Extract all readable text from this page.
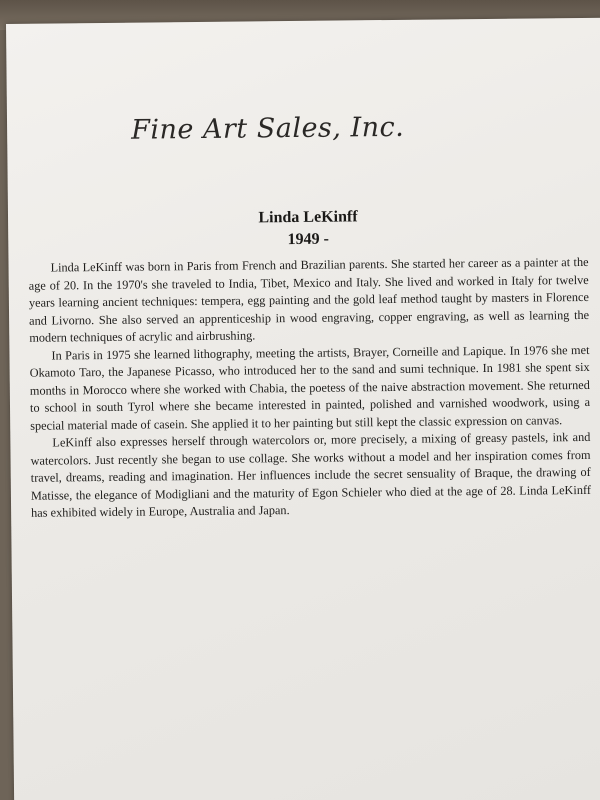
Fine Art Sales, Inc.
Linda LeKinff
1949 -

Linda LeKinff was born in Paris from French and Brazilian parents. She started her career as a painter at the age of 20. In the 1970's she traveled to India, Tibet, Mexico and Italy. She lived and worked in Italy for twelve years learning ancient techniques: tempera, egg painting and the gold leaf method taught by masters in Florence and Livorno. She also served an apprenticeship in wood engraving, copper engraving, as well as learning the modern techniques of acrylic and airbrushing.

In Paris in 1975 she learned lithography, meeting the artists, Brayer, Corneille and Lapique. In 1976 she met Okamoto Taro, the Japanese Picasso, who introduced her to the sand and sumi technique. In 1981 she spent six months in Morocco where she worked with Chabia, the poetess of the naive abstraction movement. She returned to school in south Tyrol where she became interested in painted, polished and varnished woodwork, using a special material made of casein. She applied it to her painting but still kept the classic expression on canvas.

LeKinff also expresses herself through watercolors or, more precisely, a mixing of greasy pastels, ink and watercolors. Just recently she began to use collage. She works without a model and her inspiration comes from travel, dreams, reading and imagination. Her influences include the secret sensuality of Braque, the drawing of Matisse, the elegance of Modigliani and the maturity of Egon Schieler who died at the age of 28. Linda LeKinff has exhibited widely in Europe, Australia and Japan.
